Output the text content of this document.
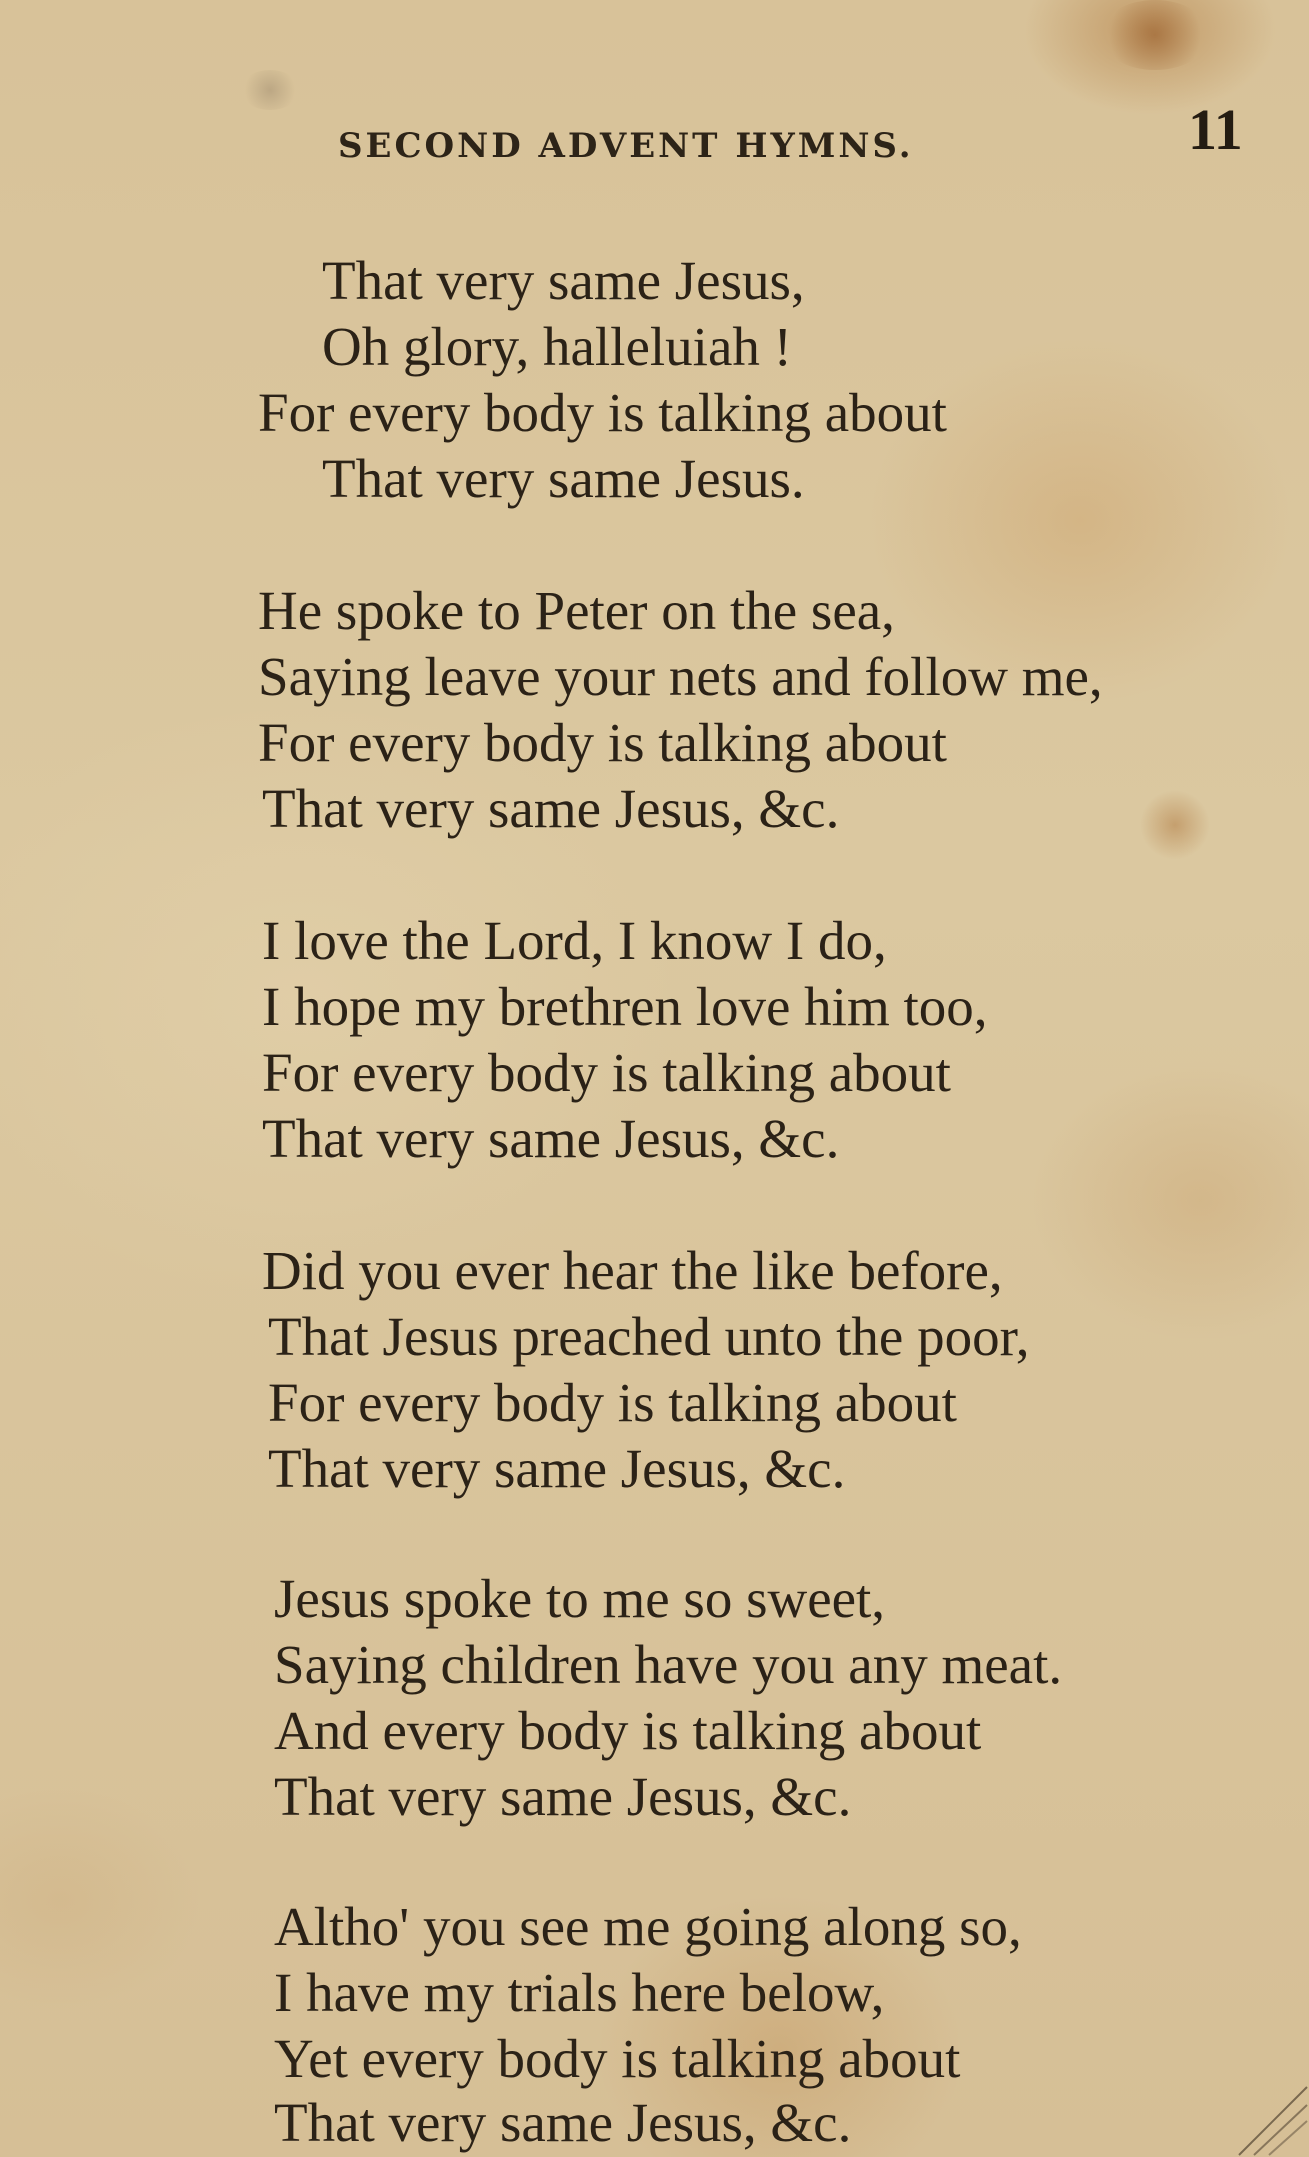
SECOND ADVENT HYMNS.	11
That very same Jesus,
Oh glory, halleluiah !
For every body is talking about
That very same Jesus.
He spoke to Peter on the sea,
Saying leave your nets and follow me,
For every body is talking about
That very same Jesus, &c.
I love the Lord, I know I do,
I hope my brethren love him too,
For every body is talking about
That very same Jesus, &c.
Did you ever hear the like before,
That Jesus preached unto the poor,
For every body is talking about
That very same Jesus, &c.
Jesus spoke to me so sweet,
Saying children have you any meat.
And every body is talking about
That very same Jesus, &c.
Altho' you see me going along so,
I have my trials here below,
Yet every body is talking about
That very same Jesus, &c.
